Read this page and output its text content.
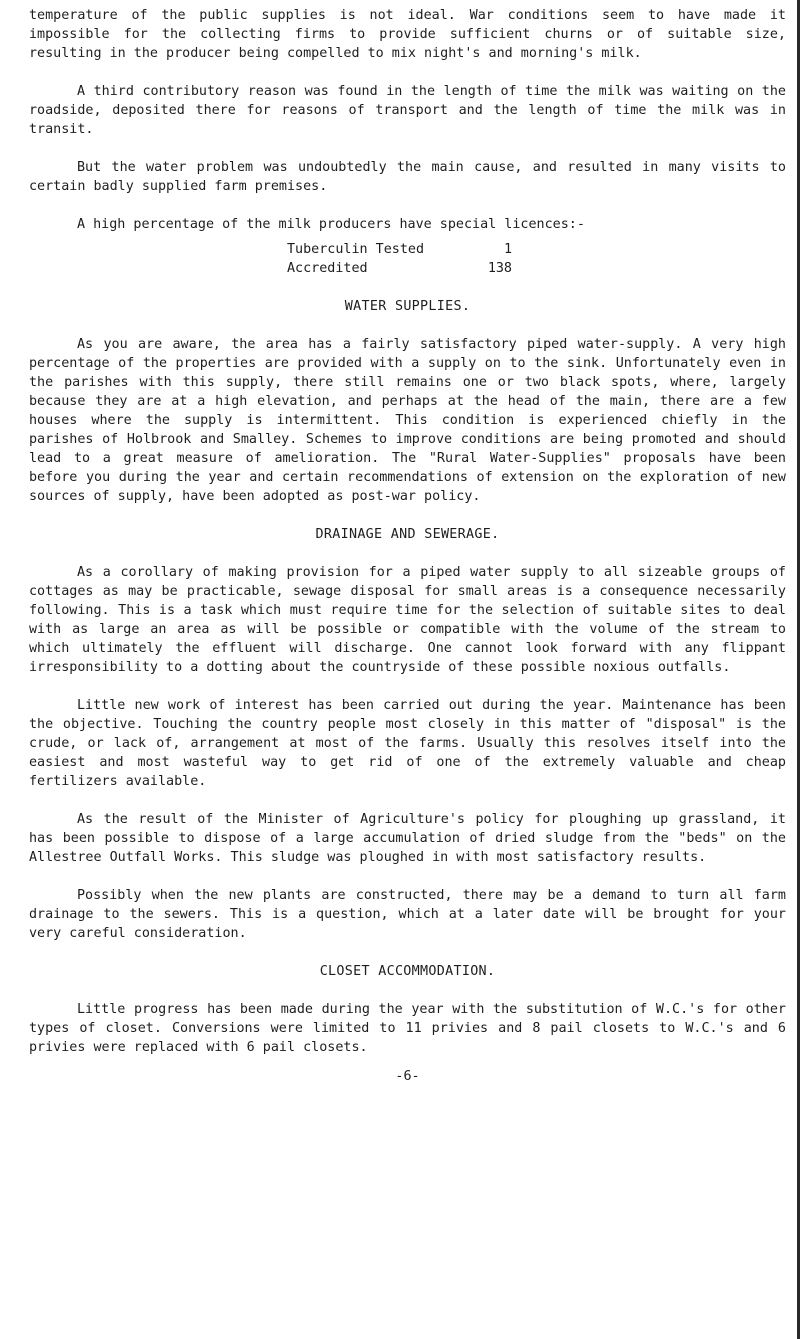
temperature of the public supplies is not ideal. War conditions seem to have made it impossible for the collecting firms to provide sufficient churns or of suitable size, resulting in the producer being compelled to mix night's and morning's milk.

A third contributory reason was found in the length of time the milk was waiting on the roadside, deposited there for reasons of transport and the length of time the milk was in transit.

But the water problem was undoubtedly the main cause, and resulted in many visits to certain badly supplied farm premises.

A high percentage of the milk producers have special licences:-

Tuberculin Tested	1
Accredited	138
WATER SUPPLIES.

As you are aware, the area has a fairly satisfactory piped water-supply. A very high percentage of the properties are provided with a supply on to the sink. Unfortunately even in the parishes with this supply, there still remains one or two black spots, where, largely because they are at a high elevation, and perhaps at the head of the main, there are a few houses where the supply is intermittent. This condition is experienced chiefly in the parishes of Holbrook and Smalley. Schemes to improve conditions are being promoted and should lead to a great measure of amelioration. The "Rural Water-Supplies" proposals have been before you during the year and certain recommendations of extension on the exploration of new sources of supply, have been adopted as post-war policy.

DRAINAGE AND SEWERAGE.

As a corollary of making provision for a piped water supply to all sizeable groups of cottages as may be practicable, sewage disposal for small areas is a consequence necessarily following. This is a task which must require time for the selection of suitable sites to deal with as large an area as will be possible or compatible with the volume of the stream to which ultimately the effluent will discharge. One cannot look forward with any flippant irresponsibility to a dotting about the countryside of these possible noxious outfalls.

Little new work of interest has been carried out during the year. Maintenance has been the objective. Touching the country people most closely in this matter of "disposal" is the crude, or lack of, arrangement at most of the farms. Usually this resolves itself into the easiest and most wasteful way to get rid of one of the extremely valuable and cheap fertilizers available.

As the result of the Minister of Agriculture's policy for ploughing up grassland, it has been possible to dispose of a large accumulation of dried sludge from the "beds" on the Allestree Outfall Works. This sludge was ploughed in with most satisfactory results.

Possibly when the new plants are constructed, there may be a demand to turn all farm drainage to the sewers. This is a question, which at a later date will be brought for your very careful consideration.

CLOSET ACCOMMODATION.

Little progress has been made during the year with the substitution of W.C.'s for other types of closet. Conversions were limited to 11 privies and 8 pail closets to W.C.'s and 6 privies were replaced with 6 pail closets.

-6-
